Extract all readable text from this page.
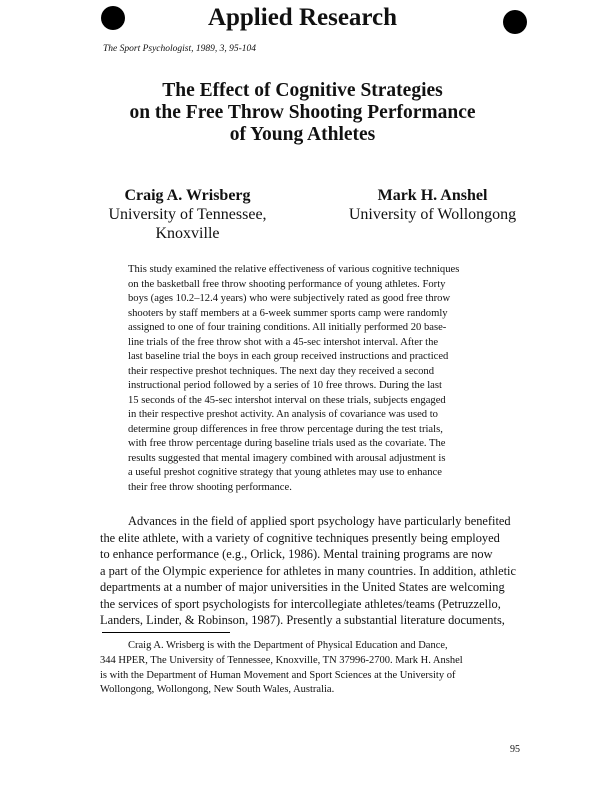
Applied Research
The Sport Psychologist, 1989, 3, 95-104
The Effect of Cognitive Strategies
on the Free Throw Shooting Performance
of Young Athletes
Craig A. Wrisberg
University of Tennessee,
Knoxville
Mark H. Anshel
University of Wollongong
This study examined the relative effectiveness of various cognitive techniques
on the basketball free throw shooting performance of young athletes. Forty
boys (ages 10.2–12.4 years) who were subjectively rated as good free throw
shooters by staff members at a 6-week summer sports camp were randomly
assigned to one of four training conditions. All initially performed 20 base-
line trials of the free throw shot with a 45-sec intershot interval. After the
last baseline trial the boys in each group received instructions and practiced
their respective preshot techniques. The next day they received a second
instructional period followed by a series of 10 free throws. During the last
15 seconds of the 45-sec intershot interval on these trials, subjects engaged
in their respective preshot activity. An analysis of covariance was used to
determine group differences in free throw percentage during the test trials,
with free throw percentage during baseline trials used as the covariate. The
results suggested that mental imagery combined with arousal adjustment is
a useful preshot cognitive strategy that young athletes may use to enhance
their free throw shooting performance.
Advances in the field of applied sport psychology have particularly benefited
the elite athlete, with a variety of cognitive techniques presently being employed
to enhance performance (e.g., Orlick, 1986). Mental training programs are now
a part of the Olympic experience for athletes in many countries. In addition, athletic
departments at a number of major universities in the United States are welcoming
the services of sport psychologists for intercollegiate athletes/teams (Petruzzello,
Landers, Linder, & Robinson, 1987). Presently a substantial literature documents,
Craig A. Wrisberg is with the Department of Physical Education and Dance,
344 HPER, The University of Tennessee, Knoxville, TN 37996-2700. Mark H. Anshel
is with the Department of Human Movement and Sport Sciences at the University of
Wollongong, Wollongong, New South Wales, Australia.
95
